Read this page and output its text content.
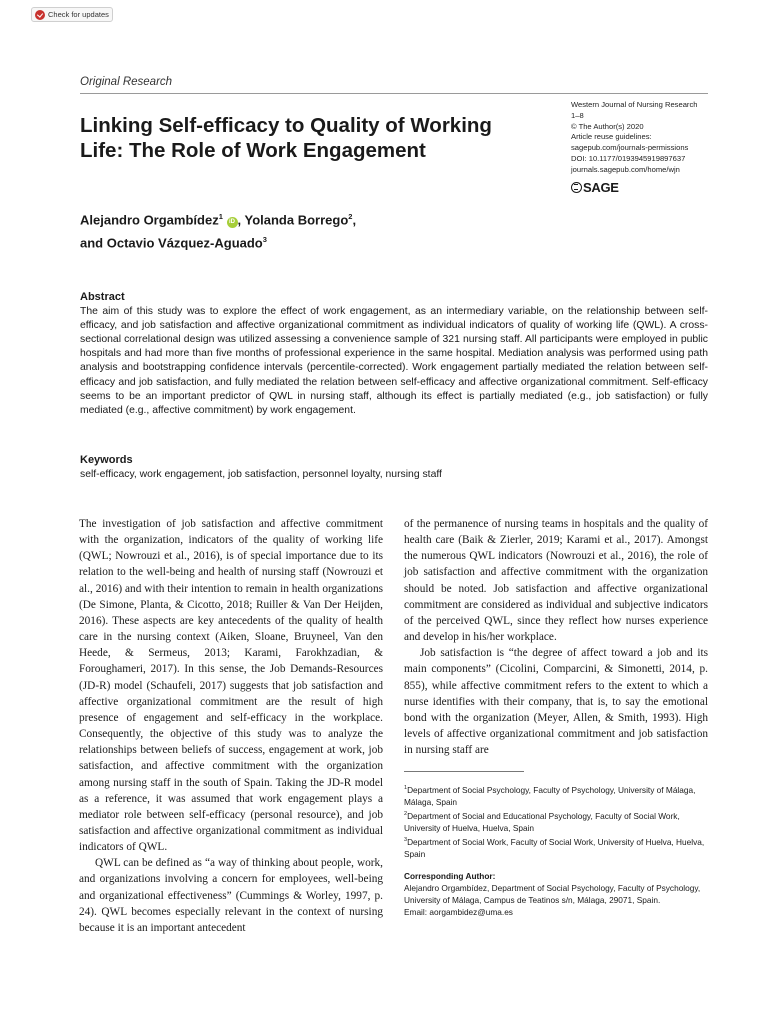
Check for updates
Original Research
Linking Self-efficacy to Quality of Working Life: The Role of Work Engagement
Western Journal of Nursing Research
1–8
© The Author(s) 2020
Article reuse guidelines:
sagepub.com/journals-permissions
DOI: 10.1177/0193945919897637
journals.sagepub.com/home/wjn
SAGE
Alejandro Orgambídez$^1$ iD , Yolanda Borrego$^2$,
and Octavio Vázquez-Aguado$^3$
Abstract

The aim of this study was to explore the effect of work engagement, as an intermediary variable, on the relationship between self-efficacy, and job satisfaction and affective organizational commitment as individual indicators of quality of working life (QWL). A cross-sectional correlational design was utilized assessing a convenience sample of 321 nursing staff. All participants were employed in public hospitals and had more than five months of professional experience in the same hospital. Mediation analysis was performed using path analysis and bootstrapping confidence intervals (percentile-corrected). Work engagement partially mediated the relation between self-efficacy and job satisfaction, and fully mediated the relation between self-efficacy and affective organizational commitment. Self-efficacy seems to be an important predictor of QWL in nursing staff, although its effect is partially mediated (e.g., job satisfaction) or fully mediated (e.g., affective commitment) by work engagement.

Keywords

self-efficacy, work engagement, job satisfaction, personnel loyalty, nursing staff

The investigation of job satisfaction and affective commitment with the organization, indicators of the quality of working life (QWL; Nowrouzi et al., 2016), is of special importance due to its relation to the well-being and health of nursing staff (Nowrouzi et al., 2016) and with their intention to remain in health organizations (De Simone, Planta, & Cicotto, 2018; Ruiller & Van Der Heijden, 2016). These aspects are key antecedents of the quality of health care in the nursing context (Aiken, Sloane, Bruyneel, Van den Heede, & Sermeus, 2013; Karami, Farokhzadian, & Foroughameri, 2017). In this sense, the Job Demands-Resources (JD-R) model (Schaufeli, 2017) suggests that job satisfaction and affective organizational commitment are the result of high presence of engagement and self-efficacy in the workplace. Consequently, the objective of this study was to analyze the relationships between beliefs of success, engagement at work, job satisfaction, and affective commitment with the organization among nursing staff in the south of Spain. Taking the JD-R model as a reference, it was assumed that work engagement plays a mediator role between self-efficacy (personal resource), and job satisfaction and affective organizational commitment as individual indicators of QWL.

QWL can be defined as “a way of thinking about people, work, and organizations involving a concern for employees, well-being and organizational effectiveness” (Cummings & Worley, 1997, p. 24). QWL becomes especially relevant in the context of nursing because it is an important antecedent

of the permanence of nursing teams in hospitals and the quality of health care (Baik & Zierler, 2019; Karami et al., 2017). Amongst the numerous QWL indicators (Nowrouzi et al., 2016), the role of job satisfaction and affective commitment with the organization should be noted. Job satisfaction and affective organizational commitment are considered as individual and subjective indicators of the perceived QWL, since they reflect how nurses experience and develop in his/her workplace.

Job satisfaction is “the degree of affect toward a job and its main components” (Cicolini, Comparcini, & Simonetti, 2014, p. 855), while affective commitment refers to the extent to which a nurse identifies with their company, that is, to say the emotional bond with the organization (Meyer, Allen, & Smith, 1993). High levels of affective organizational commitment and job satisfaction in nursing staff are

$^1$Department of Social Psychology, Faculty of Psychology, University of Málaga, Málaga, Spain
$^2$Department of Social and Educational Psychology, Faculty of Social Work, University of Huelva, Huelva, Spain
$^3$Department of Social Work, Faculty of Social Work, University of Huelva, Huelva, Spain
Corresponding Author:
Alejandro Orgambídez, Department of Social Psychology, Faculty of Psychology, University of Málaga, Campus de Teatinos s/n, Málaga, 29071, Spain.
Email: aorgambidez@uma.es
